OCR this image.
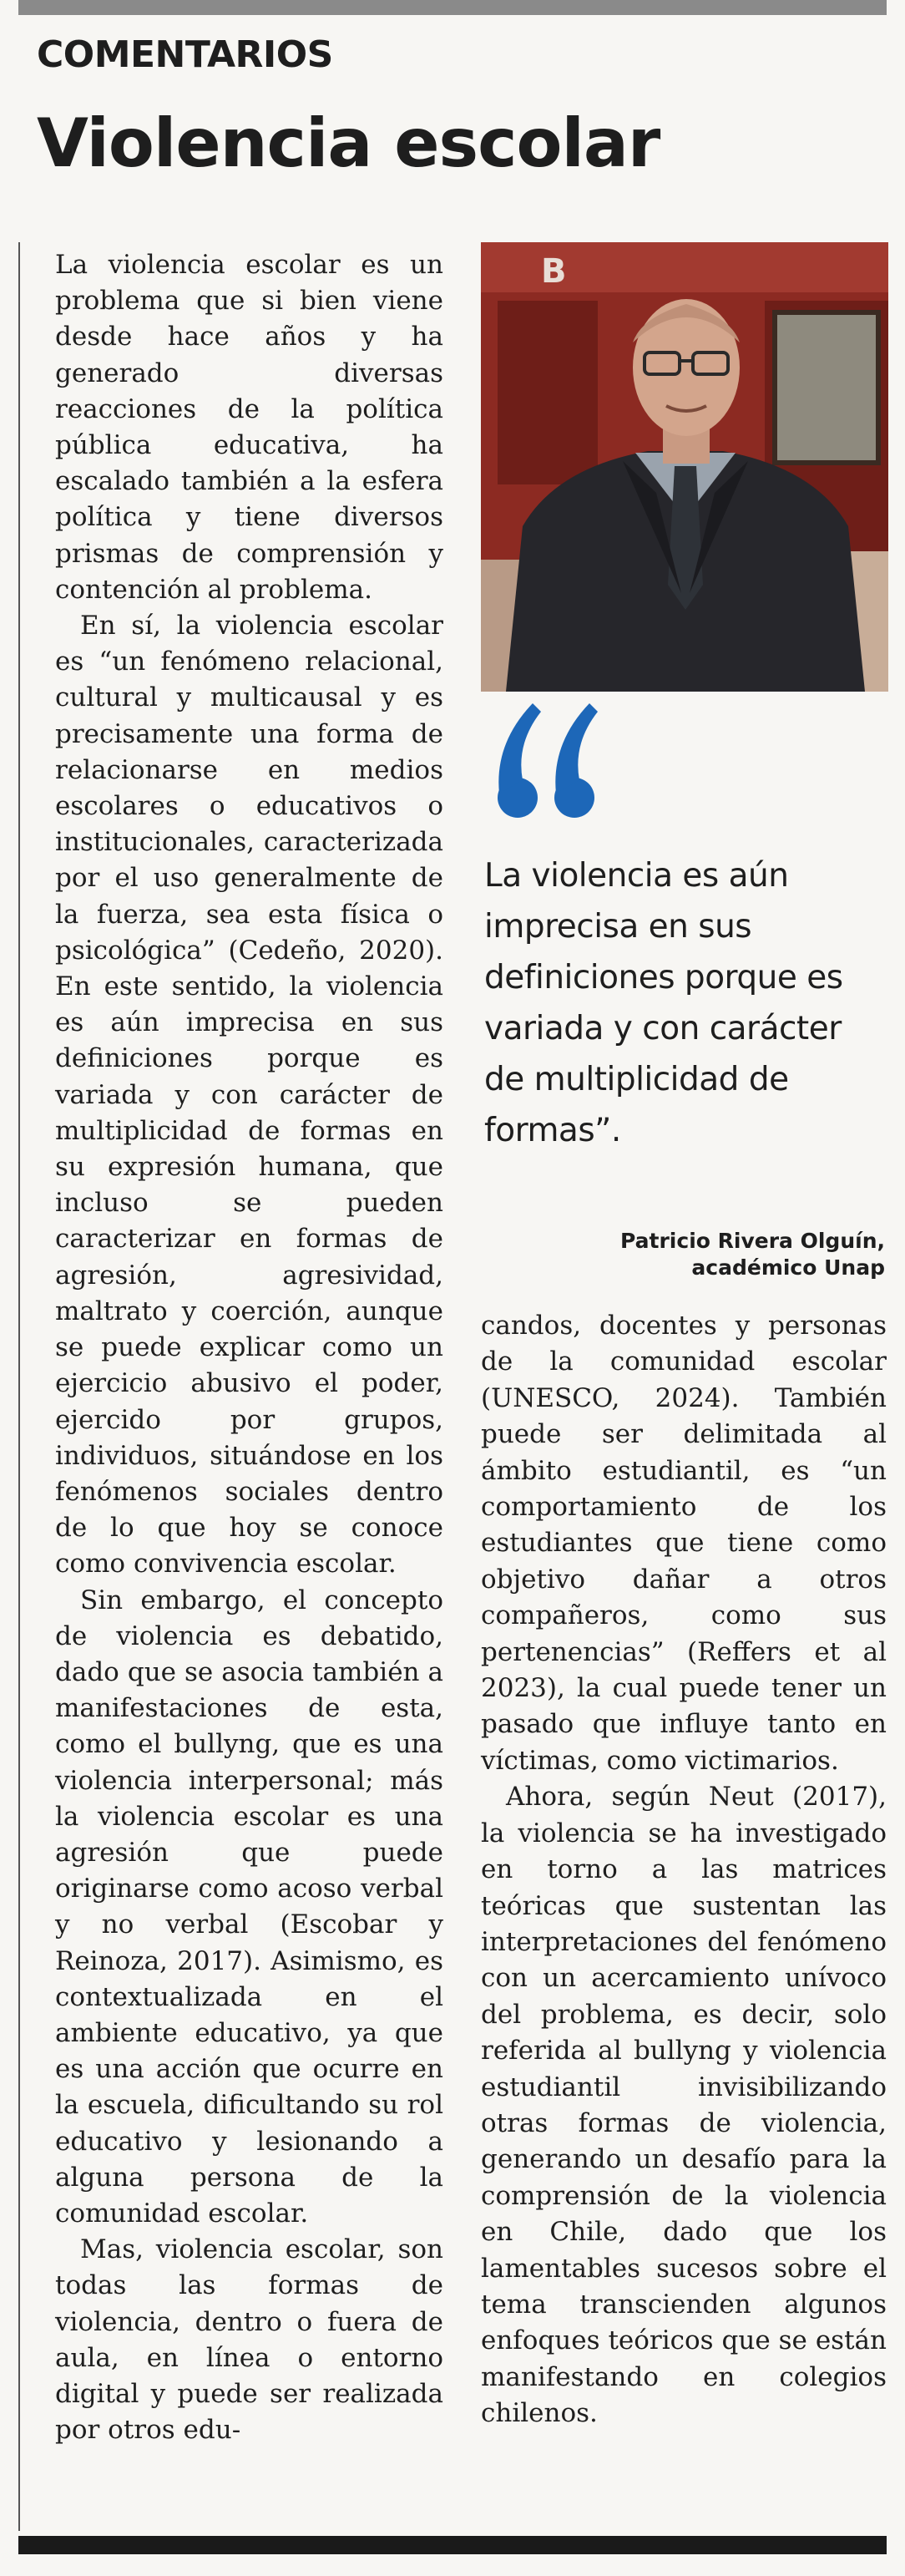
COMENTARIOS
Violencia escolar

La violencia escolar es un problema que si bien viene desde hace años y ha generado diversas reacciones de la política pública educativa, ha escalado también a la esfera política y tiene diversos prismas de comprensión y contención al problema.

En sí, la violencia escolar es “un fenómeno relacional, cultural y multicausal y es precisamente una forma de relacionarse en medios escolares o educativos o institucionales, caracterizada por el uso generalmente de la fuerza, sea esta física o psicológica” (Cedeño, 2020). En este sentido, la violencia es aún imprecisa en sus definiciones porque es variada y con carácter de multiplicidad de formas en su expresión humana, que incluso se pueden caracterizar en formas de agresión, agresividad, maltrato y coerción, aunque se puede explicar como un ejercicio abusivo el poder, ejercido por grupos, individuos, situándose en los fenómenos sociales dentro de lo que hoy se conoce como convivencia escolar.

Sin embargo, el concepto de violencia es debatido, dado que se asocia también a manifestaciones de esta, como el bullyng, que es una violencia interpersonal; más la violencia escolar es una agresión que puede originarse como acoso verbal y no verbal (Escobar y Reinoza, 2017). Asimismo, es contextualizada en el ambiente educativo, ya que es una acción que ocurre en la escuela, dificultando su rol educativo y lesionando a alguna persona de la comunidad escolar.

Mas, violencia escolar, son todas las formas de violencia, dentro o fuera de aula, en línea o entorno digital y puede ser realizada por otros edu-

B

La violencia es aún imprecisa en sus definiciones porque es variada y con carácter de multiplicidad de formas”.

Patricio Rivera Olguín,
académico Unap

candos, docentes y personas de la comunidad escolar (UNESCO, 2024). También puede ser delimitada al ámbito estudiantil, es “un comportamiento de los estudiantes que tiene como objetivo dañar a otros compañeros, como sus pertenencias” (Reffers et al 2023), la cual puede tener un pasado que influye tanto en víctimas, como victimarios.

Ahora, según Neut (2017), la violencia se ha investigado en torno a las matrices teóricas que sustentan las interpretaciones del fenómeno con un acercamiento unívoco del problema, es decir, solo referida al bullyng y violencia estudiantil invisibilizando otras formas de violencia, generando un desafío para la comprensión de la violencia en Chile, dado que los lamentables sucesos sobre el tema transcienden algunos enfoques teóricos que se están manifestando en colegios chilenos.
